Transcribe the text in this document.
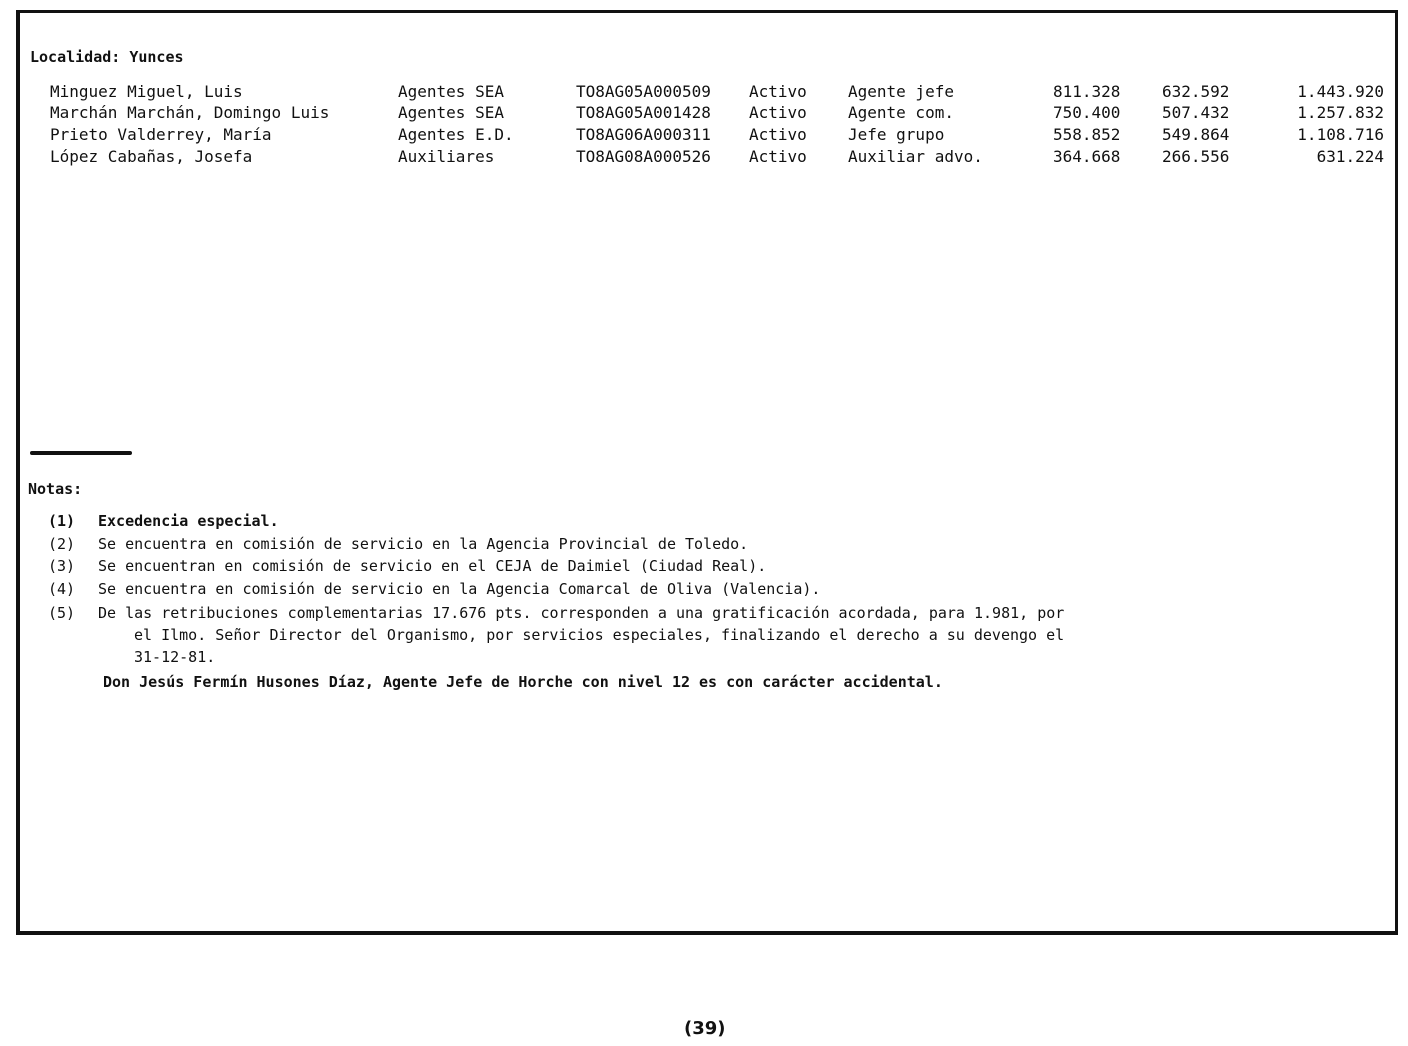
Localidad: Yunces
Minguez Miguel, Luis	Agentes SEA	TO8AG05A000509 Activo	Agente jefe	811.328	632.592	1.443.920
Marchán Marchán, Domingo Luis	Agentes SEA	TO8AG05A001428 Activo	Agente com.	750.400	507.432	1.257.832
Prieto Valderrey, María	Agentes E.D.	TO8AG06A000311 Activo	Jefe grupo	558.852	549.864	1.108.716
López Cabañas, Josefa	Auxiliares	TO8AG08A000526 Activo	Auxiliar advo.	364.668	266.556	631.224
Notas:
(1) Excedencia especial.
(2) Se encuentra en comisión de servicio en la Agencia Provincial de Toledo.
(3) Se encuentran en comisión de servicio en el CEJA de Daimiel (Ciudad Real).
(4) Se encuentra en comisión de servicio en la Agencia Comarcal de Oliva (Valencia).
(5) De las retribuciones complementarias 17.676 pts. corresponden a una gratificación acordada, para 1.981, por
el Ilmo. Señor Director del Organismo, por servicios especiales, finalizando el derecho a su devengo el
31-12-81.
Don Jesús Fermín Husones Díaz, Agente Jefe de Horche con nivel 12 es con carácter accidental.
(39)
